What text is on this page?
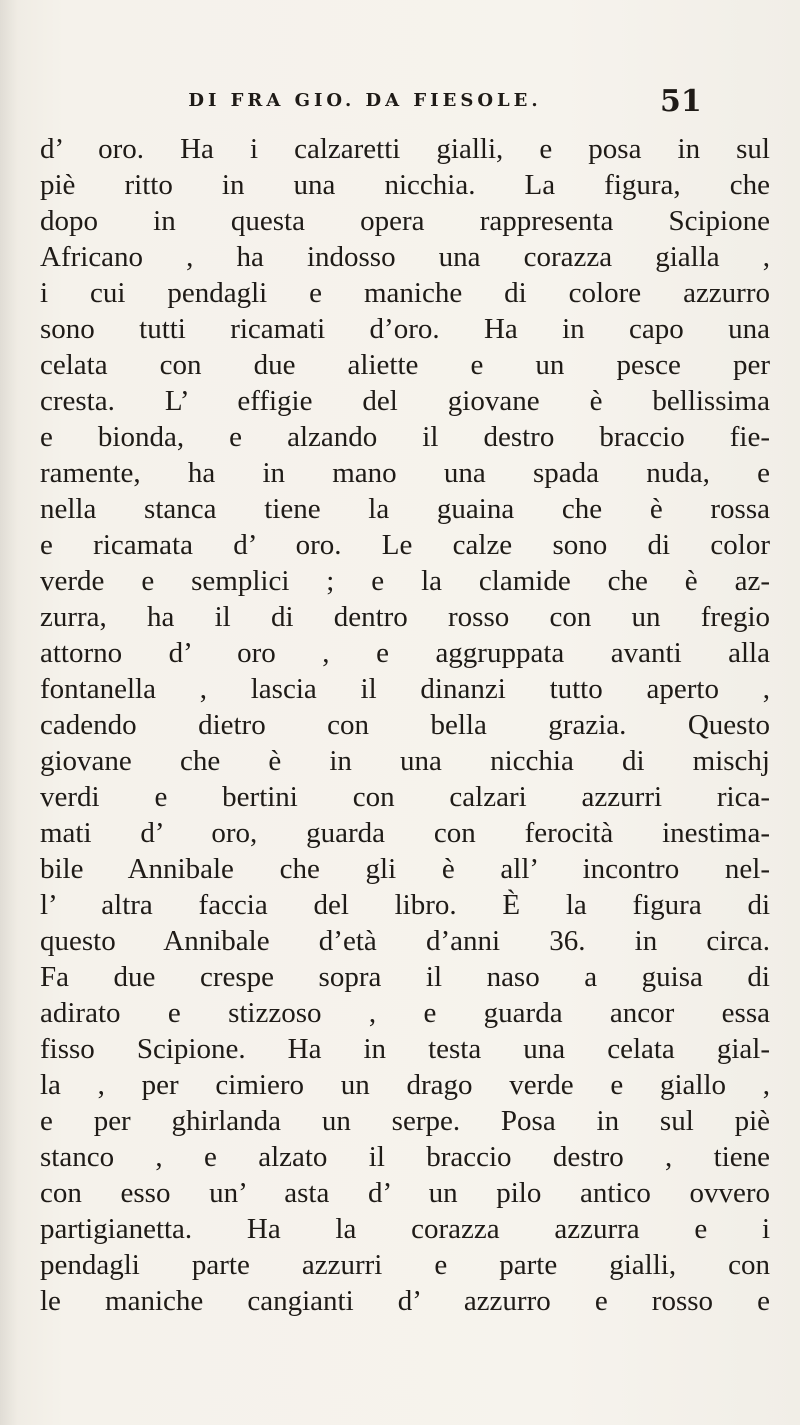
DI FRA GIO. DA FIESOLE.	51
d’ oro. Ha i calzaretti gialli, e posa in sul
piè ritto in una nicchia. La figura, che
dopo in questa opera rappresenta Scipione
Africano , ha indosso una corazza gialla ,
i cui pendagli e maniche di colore azzurro
sono tutti ricamati d’oro. Ha in capo una
celata con due aliette e un pesce per
cresta. L’ effigie del giovane è bellissima
e bionda, e alzando il destro braccio fie-
ramente, ha in mano una spada nuda, e
nella stanca tiene la guaina che è rossa
e ricamata d’ oro. Le calze sono di color
verde e semplici ; e la clamide che è az-
zurra, ha il di dentro rosso con un fregio
attorno d’ oro , e aggruppata avanti alla
fontanella , lascia il dinanzi tutto aperto ,
cadendo dietro con bella grazia. Questo
giovane che è in una nicchia di mischj
verdi e bertini con calzari azzurri rica-
mati d’ oro, guarda con ferocità inestima-
bile Annibale che gli è all’ incontro nel-
l’ altra faccia del libro. È la figura di
questo Annibale d’età d’anni 36. in circa.
Fa due crespe sopra il naso a guisa di
adirato e stizzoso , e guarda ancor essa
fisso Scipione. Ha in testa una celata gial-
la , per cimiero un drago verde e giallo ,
e per ghirlanda un serpe. Posa in sul piè
stanco , e alzato il braccio destro , tiene
con esso un’ asta d’ un pilo antico ovvero
partigianetta. Ha la corazza azzurra e i
pendagli parte azzurri e parte gialli, con
le maniche cangianti d’ azzurro e rosso e
